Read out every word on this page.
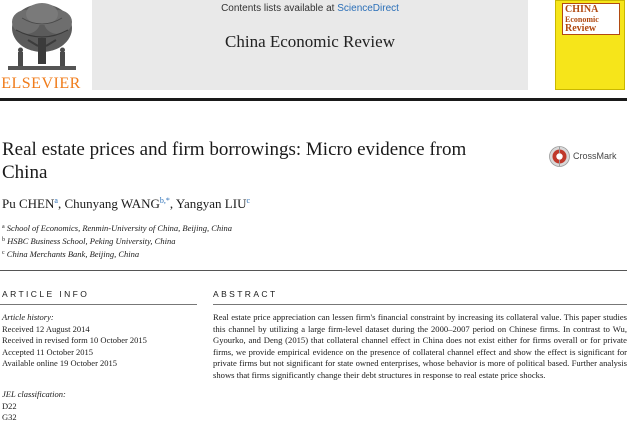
ELSEVIER
Contents lists available at ScienceDirect
China Economic Review
CHINA
Economic
Review
Real estate prices and firm borrowings: Micro evidence from China
CrossMark
Pu CHEN$^a$, Chunyang $WANG^{b,*}$, Yangyan LIU$^c$
$^a$ School of Economics, Renmin-University of China, Beijing, China
$^b$ HSBC Business School, Peking University, China
$^c$ China Merchants Bank, Beijing, China
ARTICLE INFO
Article history:
Received 12 August 2014
Received in revised form 10 October 2015
Accepted 11 October 2015
Available online 19 October 2015
JEL classification:
D22
G32
ABSTRACT
Real estate price appreciation can lessen firm's financial constraint by increasing its collateral value. This paper studies this channel by utilizing a large firm-level dataset during the 2000–2007 period on Chinese firms. In contrast to Wu, Gyourko, and Deng (2015) that collateral channel effect in China does not exist either for firms overall or for private firms, we provide empirical evidence on the presence of collateral channel effect and show the effect is significant for private firms but not significant for state owned enterprises, whose behavior is more of political based. Further analysis shows that firms significantly change their debt structures in response to real estate price shocks.
